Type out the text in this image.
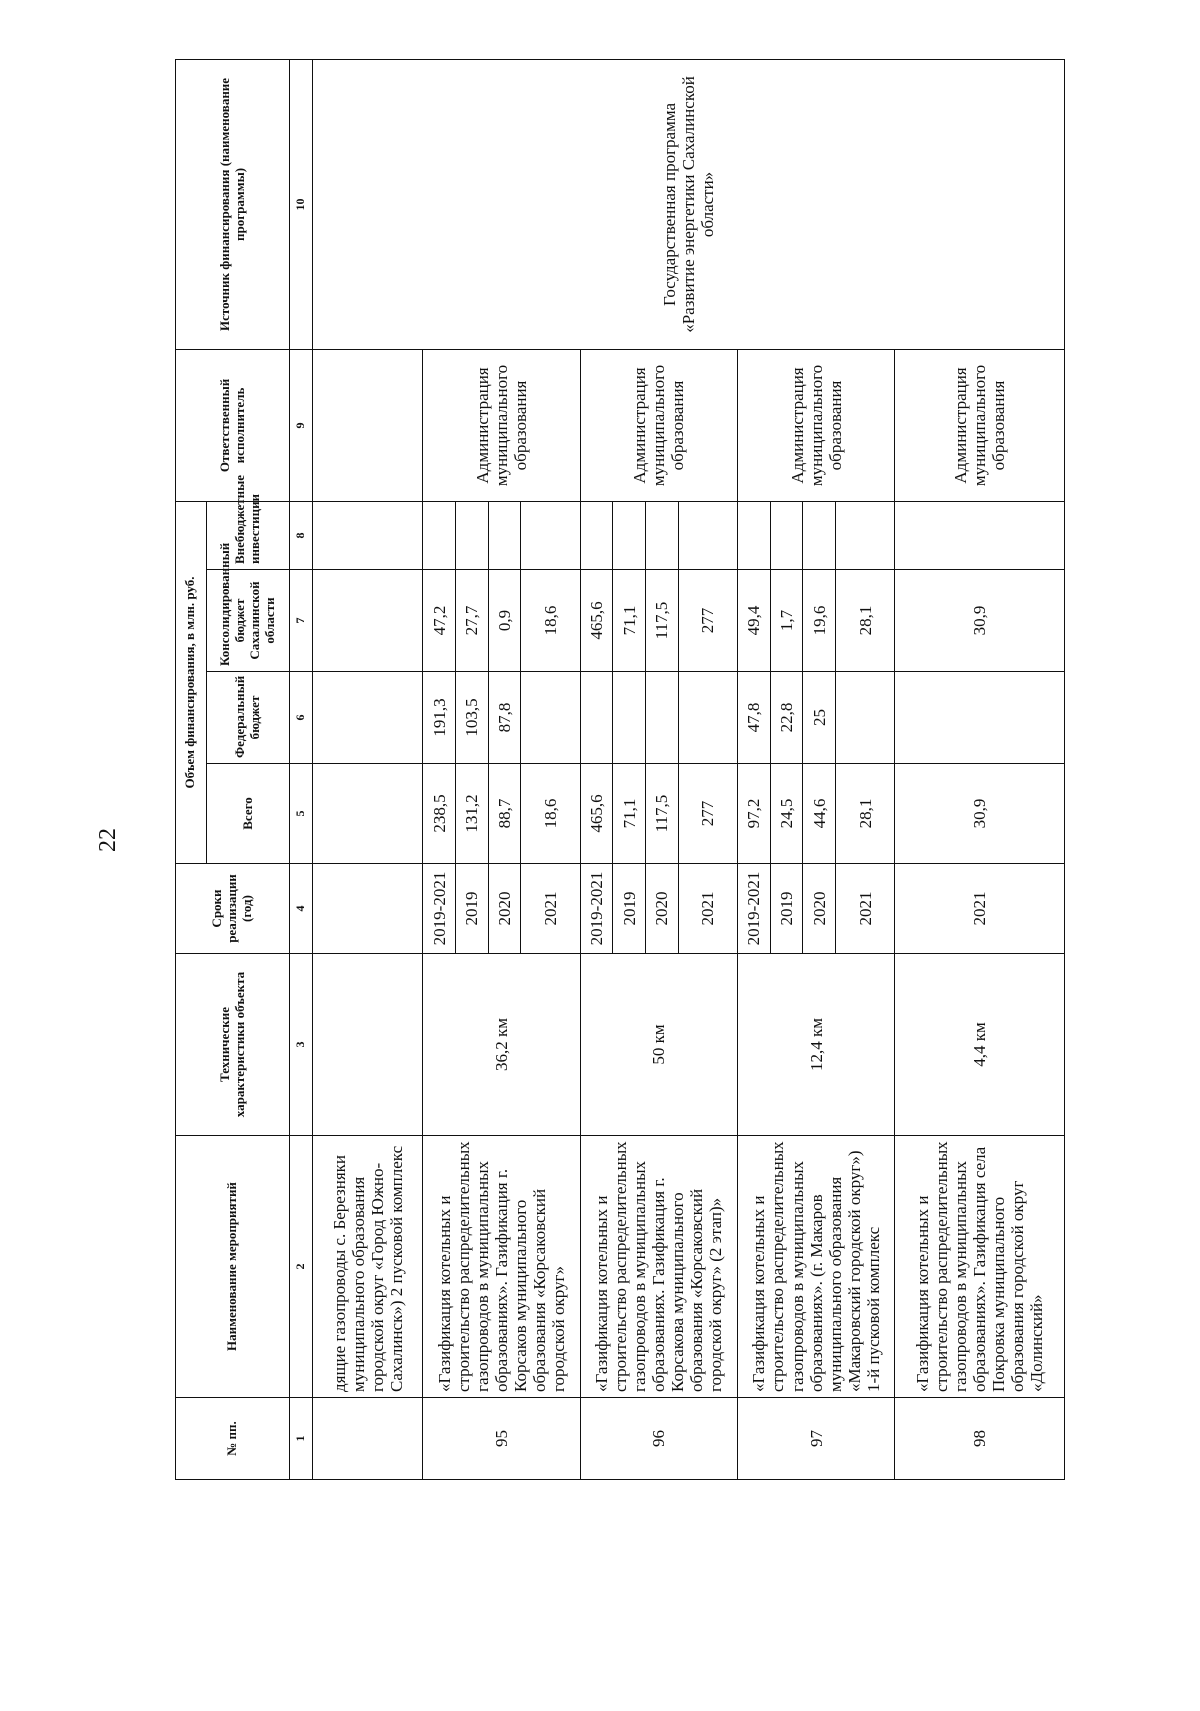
22
№ пп.	Наименование мероприятий	Технические характеристики объекта	Сроки реализации (год)	Объем финансирования, в млн. руб.				Ответственный исполнитель	Источник финансирования (наименование программы)
				Всего	Федеральный бюджет	Консолидированный бюджет Сахалинской области	Внебюджетные инвестиции		
1	2	3	4	5	6	7	8	9	10
	дящие газопроводы с. Березняки муниципального образования городской округ «Город Южно-Сахалинск») 2 пусковой комплекс								Государственная программа «Развитие энергетики Сахалинской области»
95	«Газификация котельных и строительство распределительных газопроводов в муниципальных образованиях». Газификация г. Корсаков муниципального образования «Корсаковский городской округ»	36,2 км	2019-2021	238,5	191,3	47,2		Администрация муниципального образования	
			2019	131,2	103,5	27,7			
			2020	88,7	87,8	0,9			
			2021	18,6		18,6			
96	«Газификация котельных и строительство распределительных газопроводов в муниципальных образованиях. Газификация г. Корсакова муниципального образования «Корсаковский городской округ» (2 этап)»	50 км	2019-2021	465,6		465,6		Администрация муниципального образования	
			2019	71,1		71,1			
			2020	117,5		117,5			
			2021	277		277			
97	«Газификация котельных и строительство распределительных газопроводов в муниципальных образованиях». (г. Макаров муниципального образования «Макаровский городской округ») 1-й пусковой комплекс	12,4 км	2019-2021	97,2	47,8	49,4		Администрация муниципального образования	
			2019	24,5	22,8	1,7			
			2020	44,6	25	19,6			
			2021	28,1		28,1			
98	«Газификация котельных и строительство распределительных газопроводов в муниципальных образованиях». Газификация села Покровка муниципального образования городской округ «Долинский»	4,4 км	2021	30,9		30,9		Администрация муниципального образования	
